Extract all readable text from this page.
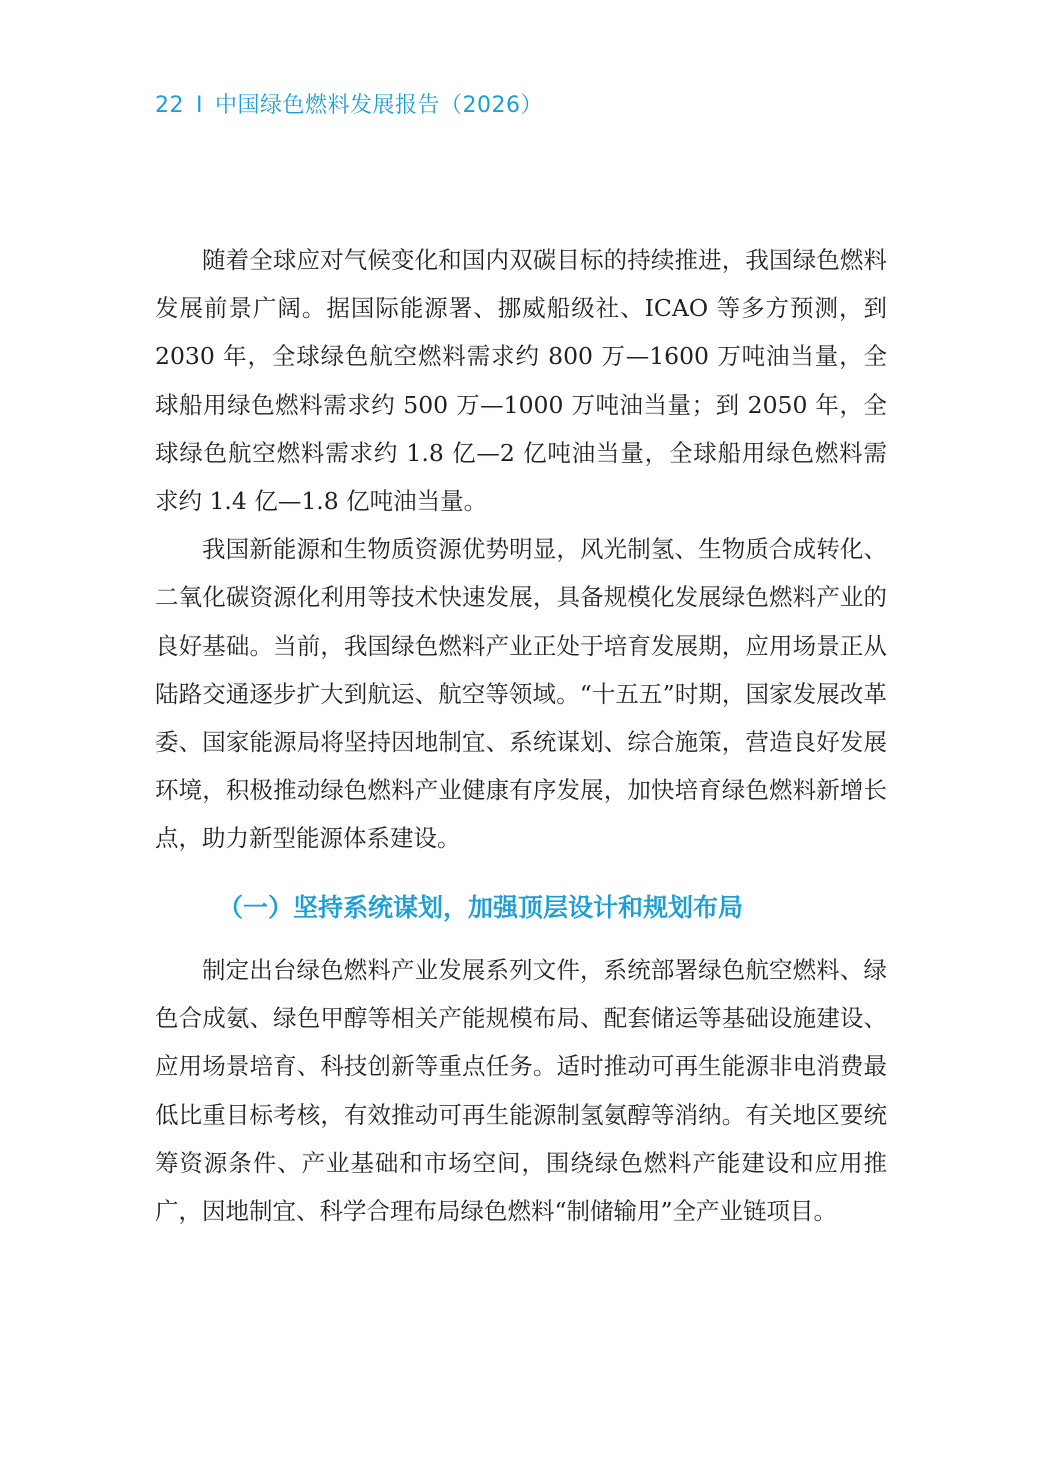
22 I 中国绿色燃料发展报告（2026）

随着全球应对气候变化和国内双碳目标的持续推进，我国绿色燃料发展前景广阔。据国际能源署、挪威船级社、ICAO 等多方预测，到 2030 年，全球绿色航空燃料需求约 800 万—1600 万吨油当量，全球船用绿色燃料需求约 500 万—1000 万吨油当量；到 2050 年，全球绿色航空燃料需求约 1.8 亿—2 亿吨油当量，全球船用绿色燃料需求约 1.4 亿—1.8 亿吨油当量。

我国新能源和生物质资源优势明显，风光制氢、生物质合成转化、二氧化碳资源化利用等技术快速发展，具备规模化发展绿色燃料产业的良好基础。当前，我国绿色燃料产业正处于培育发展期，应用场景正从陆路交通逐步扩大到航运、航空等领域。“十五五”时期，国家发展改革委、国家能源局将坚持因地制宜、系统谋划、综合施策，营造良好发展环境，积极推动绿色燃料产业健康有序发展，加快培育绿色燃料新增长点，助力新型能源体系建设。

（一）坚持系统谋划，加强顶层设计和规划布局

制定出台绿色燃料产业发展系列文件，系统部署绿色航空燃料、绿色合成氨、绿色甲醇等相关产能规模布局、配套储运等基础设施建设、应用场景培育、科技创新等重点任务。适时推动可再生能源非电消费最低比重目标考核，有效推动可再生能源制氢氨醇等消纳。有关地区要统筹资源条件、产业基础和市场空间，围绕绿色燃料产能建设和应用推广，因地制宜、科学合理布局绿色燃料“制储输用”全产业链项目。
